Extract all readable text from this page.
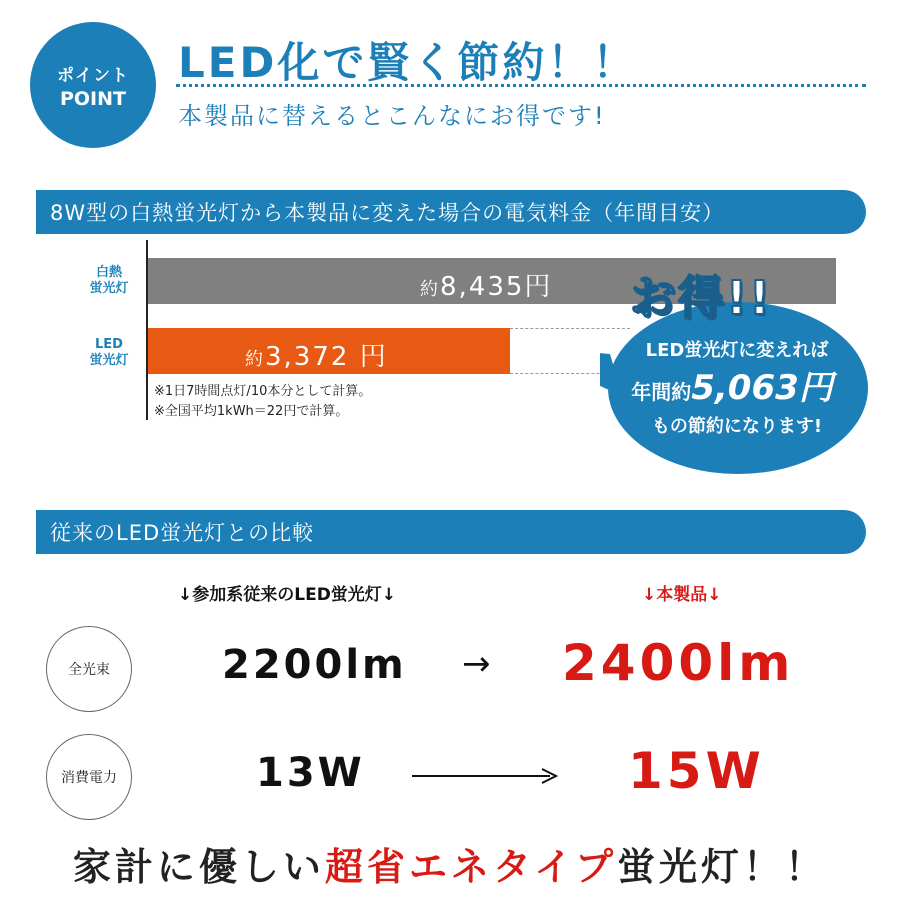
ポイント
POINT
LED化で賢く節約！！
本製品に替えるとこんなにお得です!
8W型の白熱蛍光灯から本製品に変えた場合の電気料金（年間目安）
白熱
蛍光灯	約8,435円
LED
蛍光灯	約3,372 円
※1日7時間点灯/10本分として計算。
※全国平均1kWh＝22円で計算。
お得!!
LED蛍光灯に変えれば
年間約5,063円
もの節約になります!
従来のLED蛍光灯との比較
↓参加系従来のLED蛍光灯↓	↓本製品↓
全光束	2200lm → 2400lm
消費電力	13W	15W
家計に優しい超省エネタイプ蛍光灯！！
